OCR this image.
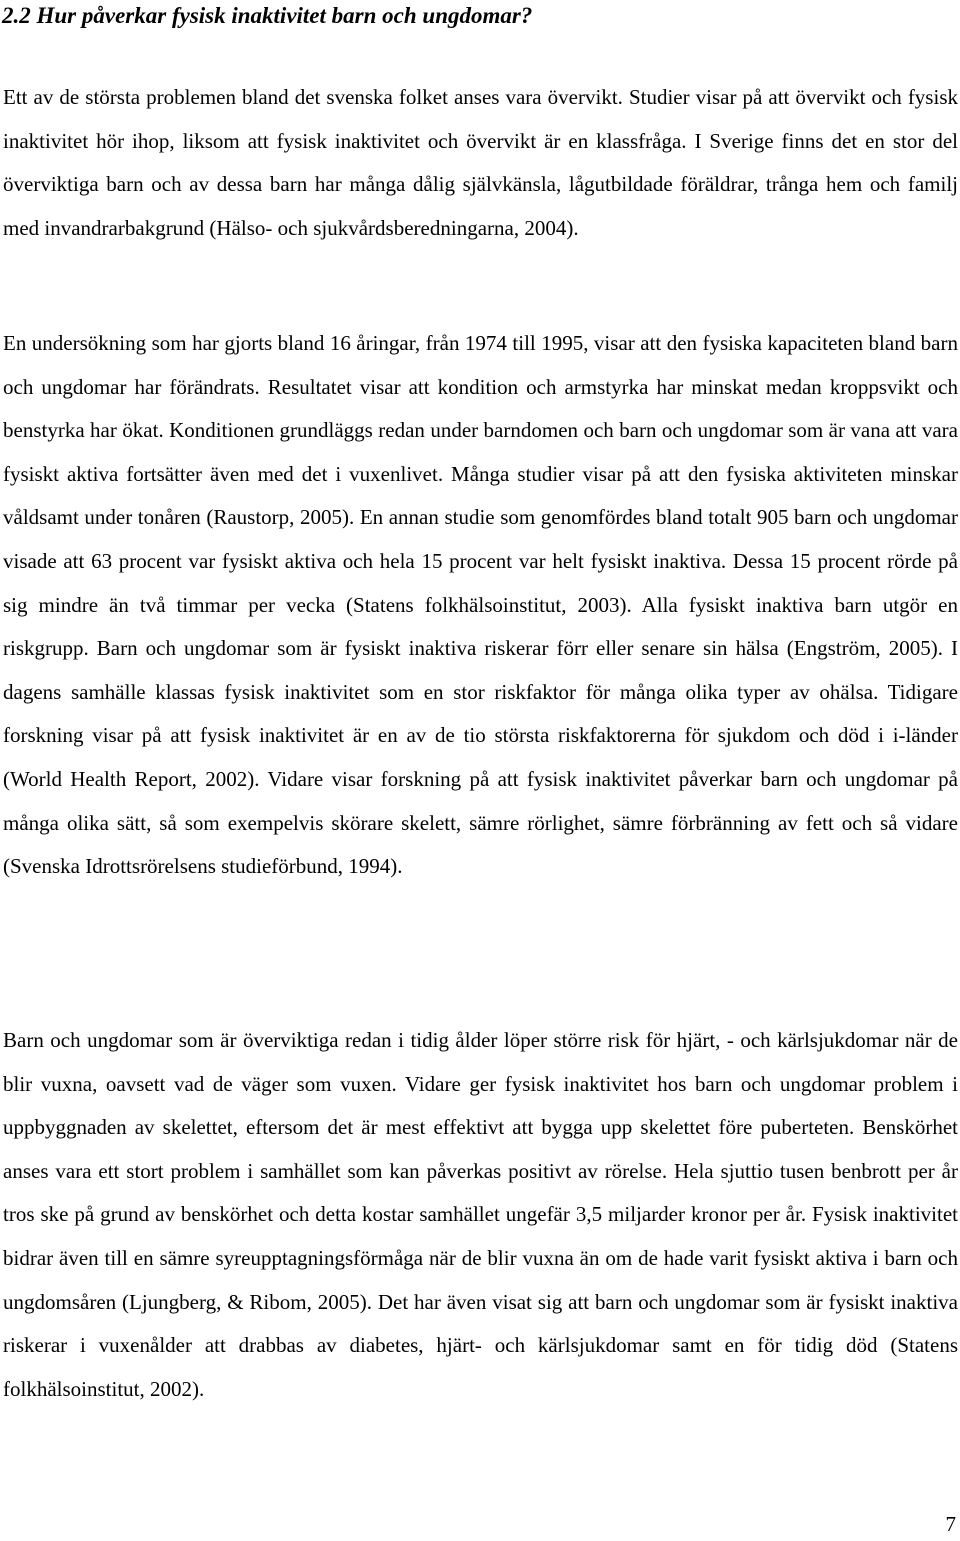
2.2 Hur påverkar fysisk inaktivitet barn och ungdomar?

Ett av de största problemen bland det svenska folket anses vara övervikt. Studier visar på att övervikt och fysisk inaktivitet hör ihop, liksom att fysisk inaktivitet och övervikt är en klassfråga. I Sverige finns det en stor del överviktiga barn och av dessa barn har många dålig självkänsla, lågutbildade föräldrar, trånga hem och familj med invandrarbakgrund (Hälso- och sjukvårdsberedningarna, 2004).

En undersökning som har gjorts bland 16 åringar, från 1974 till 1995, visar att den fysiska kapaciteten bland barn och ungdomar har förändrats. Resultatet visar att kondition och armstyrka har minskat medan kroppsvikt och benstyrka har ökat. Konditionen grundläggs redan under barndomen och barn och ungdomar som är vana att vara fysiskt aktiva fortsätter även med det i vuxenlivet. Många studier visar på att den fysiska aktiviteten minskar våldsamt under tonåren (Raustorp, 2005). En annan studie som genomfördes bland totalt 905 barn och ungdomar visade att 63 procent var fysiskt aktiva och hela 15 procent var helt fysiskt inaktiva. Dessa 15 procent rörde på sig mindre än två timmar per vecka (Statens folkhälsoinstitut, 2003). Alla fysiskt inaktiva barn utgör en riskgrupp. Barn och ungdomar som är fysiskt inaktiva riskerar förr eller senare sin hälsa (Engström, 2005). I dagens samhälle klassas fysisk inaktivitet som en stor riskfaktor för många olika typer av ohälsa. Tidigare forskning visar på att fysisk inaktivitet är en av de tio största riskfaktorerna för sjukdom och död i i-länder (World Health Report, 2002). Vidare visar forskning på att fysisk inaktivitet påverkar barn och ungdomar på många olika sätt, så som exempelvis skörare skelett, sämre rörlighet, sämre förbränning av fett och så vidare (Svenska Idrottsrörelsens studieförbund, 1994).

Barn och ungdomar som är överviktiga redan i tidig ålder löper större risk för hjärt, - och kärlsjukdomar när de blir vuxna, oavsett vad de väger som vuxen. Vidare ger fysisk inaktivitet hos barn och ungdomar problem i uppbyggnaden av skelettet, eftersom det är mest effektivt att bygga upp skelettet före puberteten. Benskörhet anses vara ett stort problem i samhället som kan påverkas positivt av rörelse. Hela sjuttio tusen benbrott per år tros ske på grund av benskörhet och detta kostar samhället ungefär 3,5 miljarder kronor per år. Fysisk inaktivitet bidrar även till en sämre syreupptagningsförmåga när de blir vuxna än om de hade varit fysiskt aktiva i barn och ungdomsåren (Ljungberg, & Ribom, 2005). Det har även visat sig att barn och ungdomar som är fysiskt inaktiva riskerar i vuxenålder att drabbas av diabetes, hjärt- och kärlsjukdomar samt en för tidig död (Statens folkhälsoinstitut, 2002).

7
